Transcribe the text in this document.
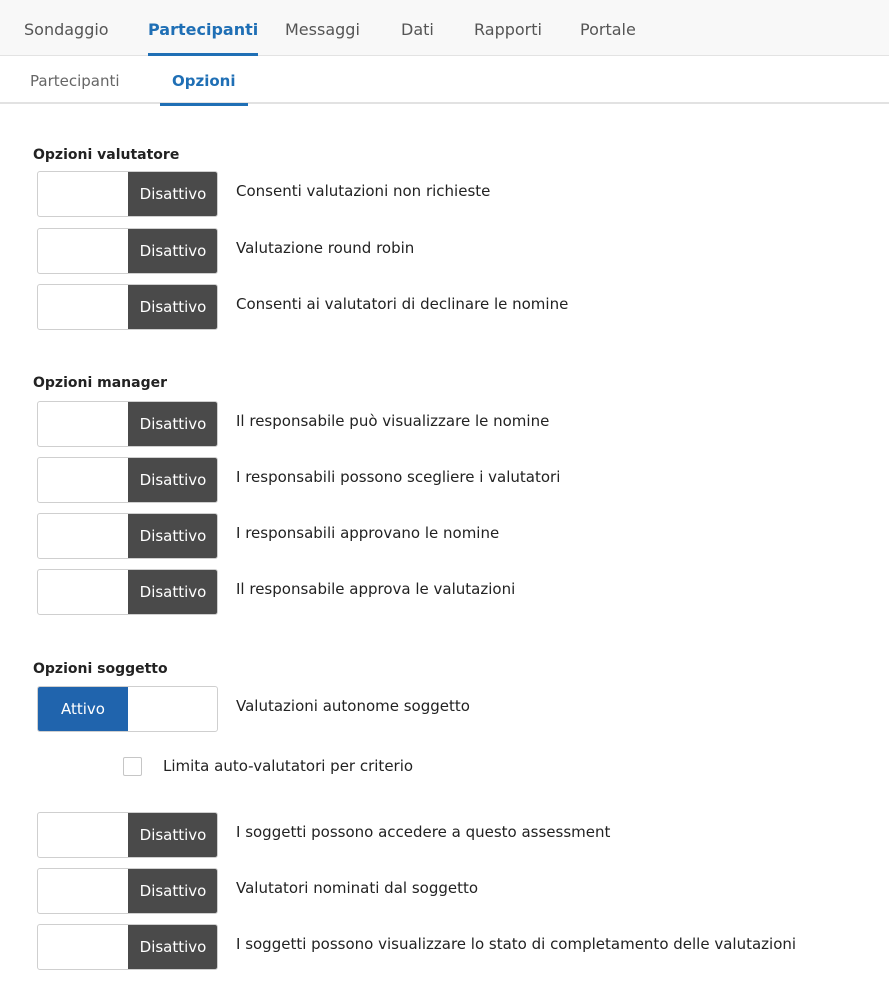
Sondaggio Partecipanti Messaggi	Dati	Rapporti Portale
Partecipanti	Opzioni
Opzioni valutatore
Disattivo	Consenti valutazioni non richieste
Disattivo	Valutazione round robin
Disattivo	Consenti ai valutatori di declinare le nomine
Opzioni manager
Disattivo	Il responsabile può visualizzare le nomine
Disattivo	I responsabili possono scegliere i valutatori
Disattivo	I responsabili approvano le nomine
Disattivo	Il responsabile approva le valutazioni
Opzioni soggetto
Attivo	Valutazioni autonome soggetto
Limita auto-valutatori per criterio
Disattivo	I soggetti possono accedere a questo assessment
Disattivo	Valutatori nominati dal soggetto
Disattivo	I soggetti possono visualizzare lo stato di completamento delle valutazioni
